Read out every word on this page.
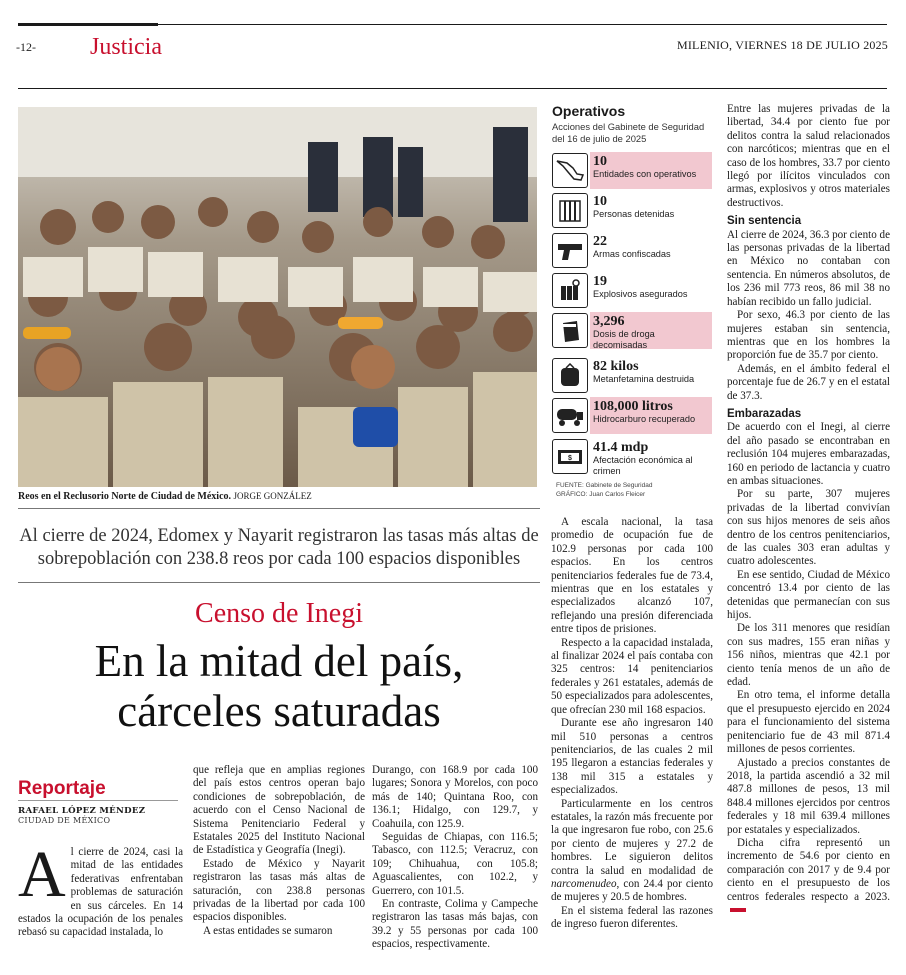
-12- Justicia	MILENIO, VIERNES 18 DE JULIO 2025
Reos en el Reclusorio Norte de Ciudad de México. JORGE GONZÁLEZ
Al cierre de 2024, Edomex y Nayarit registraron las tasas más altas de sobrepoblación con 238.8 reos por cada 100 espacios disponibles
Censo de Inegi
En la mitad del país, cárceles saturadas
Reportaje
RAFAEL LÓPEZ MÉNDEZ
CIUDAD DE MÉXICO
A l cierre de 2024, casi la mitad de las entidades federativas enfrentaban problemas de saturación en sus cárceles. En 14 estados la ocupación de los penales rebasó su capacidad instalada, lo

que refleja que en amplias regiones del país estos centros operan bajo condiciones de sobrepoblación, de acuerdo con el Censo Nacional de Sistema Penitenciario Federal y Estatales 2025 del Instituto Nacional de Estadística y Geografía (Inegi).

Estado de México y Nayarit registraron las tasas más altas de saturación, con 238.8 personas privadas de la libertad por cada 100 espacios disponibles.

A estas entidades se sumaron

Durango, con 168.9 por cada 100 lugares; Sonora y Morelos, con poco más de 140; Quintana Roo, con 136.1; Hidalgo, con 129.7, y Coahuila, con 125.9.

Seguidas de Chiapas, con 116.5; Tabasco, con 112.5; Veracruz, con 109; Chihuahua, con 105.8; Aguascalientes, con 102.2, y Guerrero, con 101.5.

En contraste, Colima y Campeche registraron las tasas más bajas, con 39.2 y 55 personas por cada 100 espacios, respectivamente.

Operativos
Acciones del Gabinete de Seguridad del 16 de julio de 2025
10
Entidades con operativos
10
Personas detenidas
22
Armas confiscadas
19
Explosivos asegurados
3,296
Dosis de droga decomisadas
82 kilos
Metanfetamina destruida
108,000 litros
Hidrocarburo recuperado
$
41.4 mdp
Afectación económica al crimen
FUENTE: Gabinete de Seguridad
GRÁFICO: Juan Carlos Fleicer

A escala nacional, la tasa promedio de ocupación fue de 102.9 personas por cada 100 espacios. En los centros penitenciarios federales fue de 73.4, mientras que en los estatales y especializados alcanzó 107, reflejando una presión diferenciada entre tipos de prisiones.

Respecto a la capacidad instalada, al finalizar 2024 el país contaba con 325 centros: 14 penitenciarios federales y 261 estatales, además de 50 especializados para adolescentes, que ofrecían 230 mil 168 espacios.

Durante ese año ingresaron 140 mil 510 personas a centros penitenciarios, de las cuales 2 mil 195 llegaron a estancias federales y 138 mil 315 a estatales y especializados.

Particularmente en los centros estatales, la razón más frecuente por la que ingresaron fue robo, con 25.6 por ciento de mujeres y 27.2 de hombres. Le siguieron delitos contra la salud en modalidad de narcomenudeo, con 24.4 por ciento de mujeres y 20.5 de hombres.

En el sistema federal las razones de ingreso fueron diferentes.

Entre las mujeres privadas de la libertad, 34.4 por ciento fue por delitos contra la salud relacionados con narcóticos; mientras que en el caso de los hombres, 33.7 por ciento llegó por ilícitos vinculados con armas, explosivos y otros materiales destructivos.

Sin sentencia

Al cierre de 2024, 36.3 por ciento de las personas privadas de la libertad en México no contaban con sentencia. En números absolutos, de los 236 mil 773 reos, 86 mil 38 no habían recibido un fallo judicial.

Por sexo, 46.3 por ciento de las mujeres estaban sin sentencia, mientras que en los hombres la proporción fue de 35.7 por ciento.

Además, en el ámbito federal el porcentaje fue de 26.7 y en el estatal de 37.3.

Embarazadas

De acuerdo con el Inegi, al cierre del año pasado se encontraban en reclusión 104 mujeres embarazadas, 160 en periodo de lactancia y cuatro en ambas situaciones.

Por su parte, 307 mujeres privadas de la libertad convivían con sus hijos menores de seis años dentro de los centros penitenciarios, de las cuales 303 eran adultas y cuatro adolescentes.

En ese sentido, Ciudad de México concentró 13.4 por ciento de las detenidas que permanecían con sus hijos.

De los 311 menores que residían con sus madres, 155 eran niñas y 156 niños, mientras que 42.1 por ciento tenía menos de un año de edad.

En otro tema, el informe detalla que el presupuesto ejercido en 2024 para el funcionamiento del sistema penitenciario fue de 43 mil 871.4 millones de pesos corrientes.

Ajustado a precios constantes de 2018, la partida ascendió a 32 mil 487.8 millones de pesos, 13 mil 848.4 millones ejercidos por centros federales y 18 mil 639.4 millones por estatales y especializados.

Dicha cifra representó un incremento de 54.6 por ciento en comparación con 2017 y de 9.4 por ciento en el presupuesto de los centros federales respecto a 2023.
